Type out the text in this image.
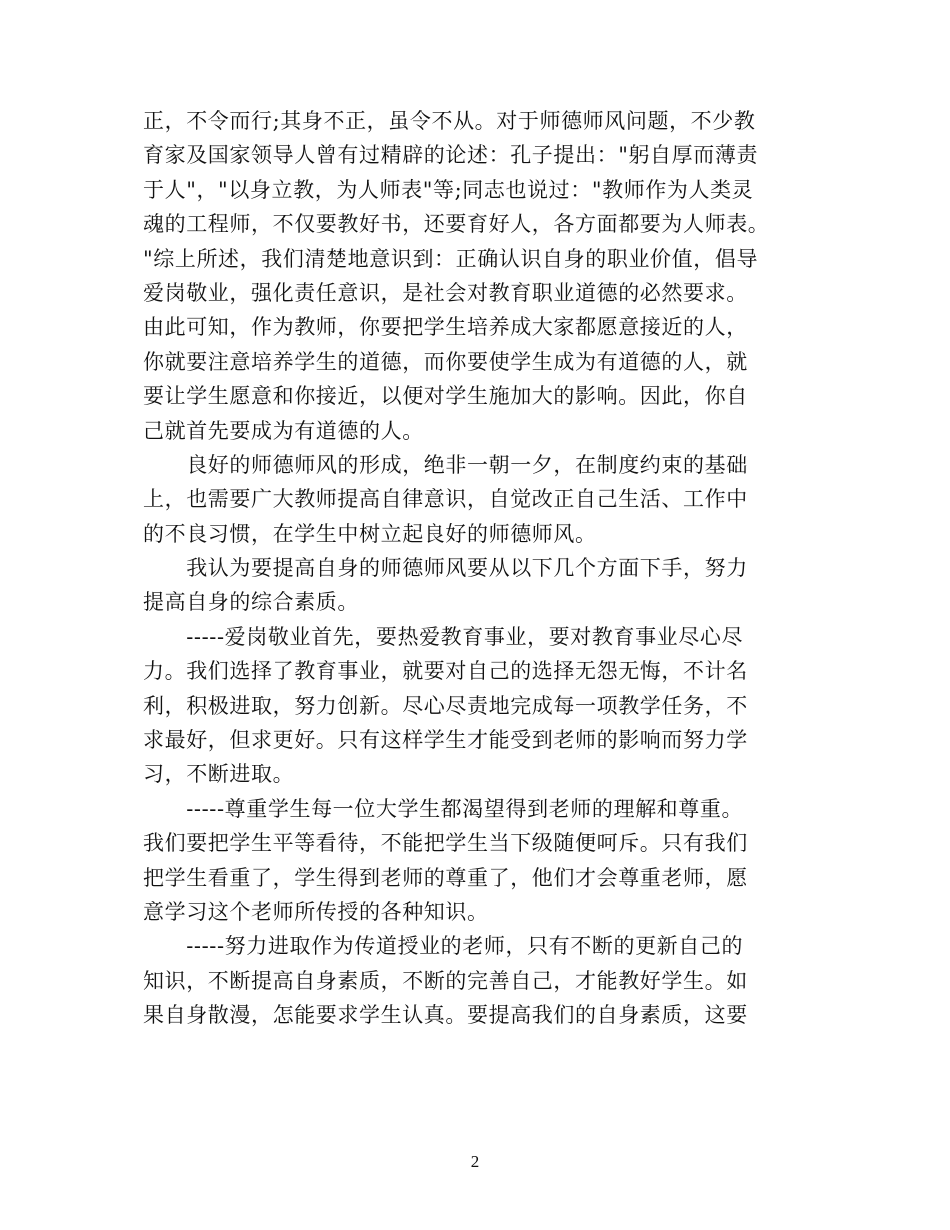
正，不令而行;其身不正，虽令不从。对于师德师风问题，不少教
育家及国家领导人曾有过精辟的论述：孔子提出："躬自厚而薄责
于人"，"以身立教，为人师表"等;同志也说过："教师作为人类灵
魂的工程师，不仅要教好书，还要育好人，各方面都要为人师表。
"综上所述，我们清楚地意识到：正确认识自身的职业价值，倡导
爱岗敬业，强化责任意识，是社会对教育职业道德的必然要求。
由此可知，作为教师，你要把学生培养成大家都愿意接近的人，
你就要注意培养学生的道德，而你要使学生成为有道德的人，就
要让学生愿意和你接近，以便对学生施加大的影响。因此，你自
己就首先要成为有道德的人。
　　良好的师德师风的形成，绝非一朝一夕，在制度约束的基础
上，也需要广大教师提高自律意识，自觉改正自己生活、工作中
的不良习惯，在学生中树立起良好的师德师风。
　　我认为要提高自身的师德师风要从以下几个方面下手，努力
提高自身的综合素质。
　　-----爱岗敬业首先，要热爱教育事业，要对教育事业尽心尽
力。我们选择了教育事业，就要对自己的选择无怨无悔，不计名
利，积极进取，努力创新。尽心尽责地完成每一项教学任务，不
求最好，但求更好。只有这样学生才能受到老师的影响而努力学
习，不断进取。
　　-----尊重学生每一位大学生都渴望得到老师的理解和尊重。
我们要把学生平等看待，不能把学生当下级随便呵斥。只有我们
把学生看重了，学生得到老师的尊重了，他们才会尊重老师，愿
意学习这个老师所传授的各种知识。
　　-----努力进取作为传道授业的老师，只有不断的更新自己的
知识，不断提高自身素质，不断的完善自己，才能教好学生。如
果自身散漫，怎能要求学生认真。要提高我们的自身素质，这要
2
